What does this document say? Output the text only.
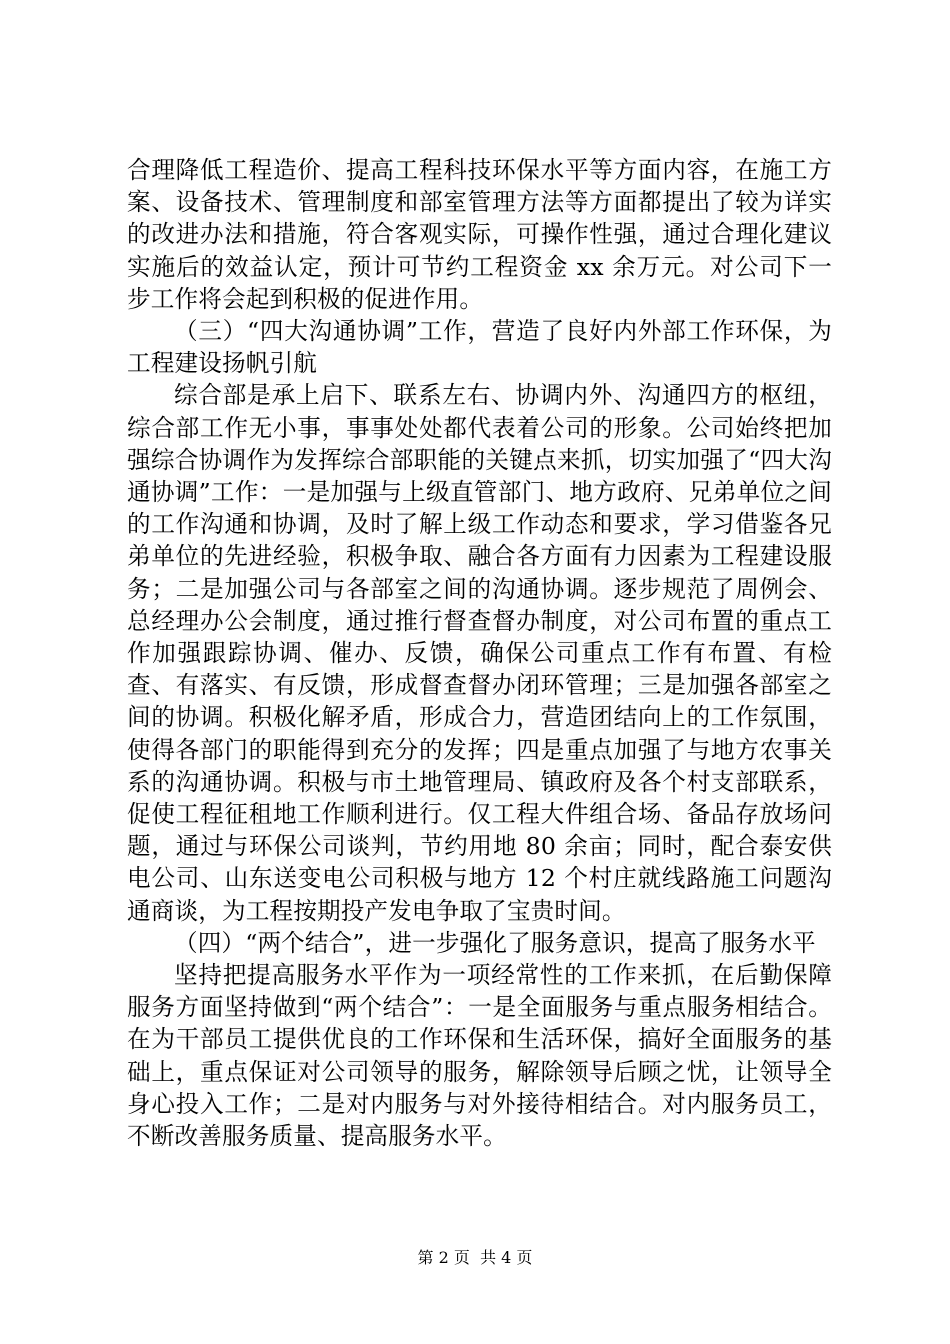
合理降低工程造价、提高工程科技环保水平等方面内容，在施工方案、设备技术、管理制度和部室管理方法等方面都提出了较为详实的改进办法和措施，符合客观实际，可操作性强，通过合理化建议实施后的效益认定，预计可节约工程资金 xx 余万元。对公司下一步工作将会起到积极的促进作用。

（三）“四大沟通协调”工作，营造了良好内外部工作环保，为工程建设扬帆引航

综合部是承上启下、联系左右、协调内外、沟通四方的枢纽，综合部工作无小事，事事处处都代表着公司的形象。公司始终把加强综合协调作为发挥综合部职能的关键点来抓，切实加强了“四大沟通协调”工作：一是加强与上级直管部门、地方政府、兄弟单位之间的工作沟通和协调，及时了解上级工作动态和要求，学习借鉴各兄弟单位的先进经验，积极争取、融合各方面有力因素为工程建设服务；二是加强公司与各部室之间的沟通协调。逐步规范了周例会、总经理办公会制度，通过推行督查督办制度，对公司布置的重点工作加强跟踪协调、催办、反馈，确保公司重点工作有布置、有检查、有落实、有反馈，形成督查督办闭环管理；三是加强各部室之间的协调。积极化解矛盾，形成合力，营造团结向上的工作氛围，使得各部门的职能得到充分的发挥；四是重点加强了与地方农事关系的沟通协调。积极与市土地管理局、镇政府及各个村支部联系，促使工程征租地工作顺利进行。仅工程大件组合场、备品存放场问题，通过与环保公司谈判，节约用地 80 余亩；同时，配合泰安供电公司、山东送变电公司积极与地方 12 个村庄就线路施工问题沟通商谈，为工程按期投产发电争取了宝贵时间。

（四）“两个结合”，进一步强化了服务意识，提高了服务水平

坚持把提高服务水平作为一项经常性的工作来抓，在后勤保障服务方面坚持做到“两个结合”：一是全面服务与重点服务相结合。在为干部员工提供优良的工作环保和生活环保，搞好全面服务的基础上，重点保证对公司领导的服务，解除领导后顾之忧，让领导全身心投入工作；二是对内服务与对外接待相结合。对内服务员工，不断改善服务质量、提高服务水平。

第 2 页  共 4 页
